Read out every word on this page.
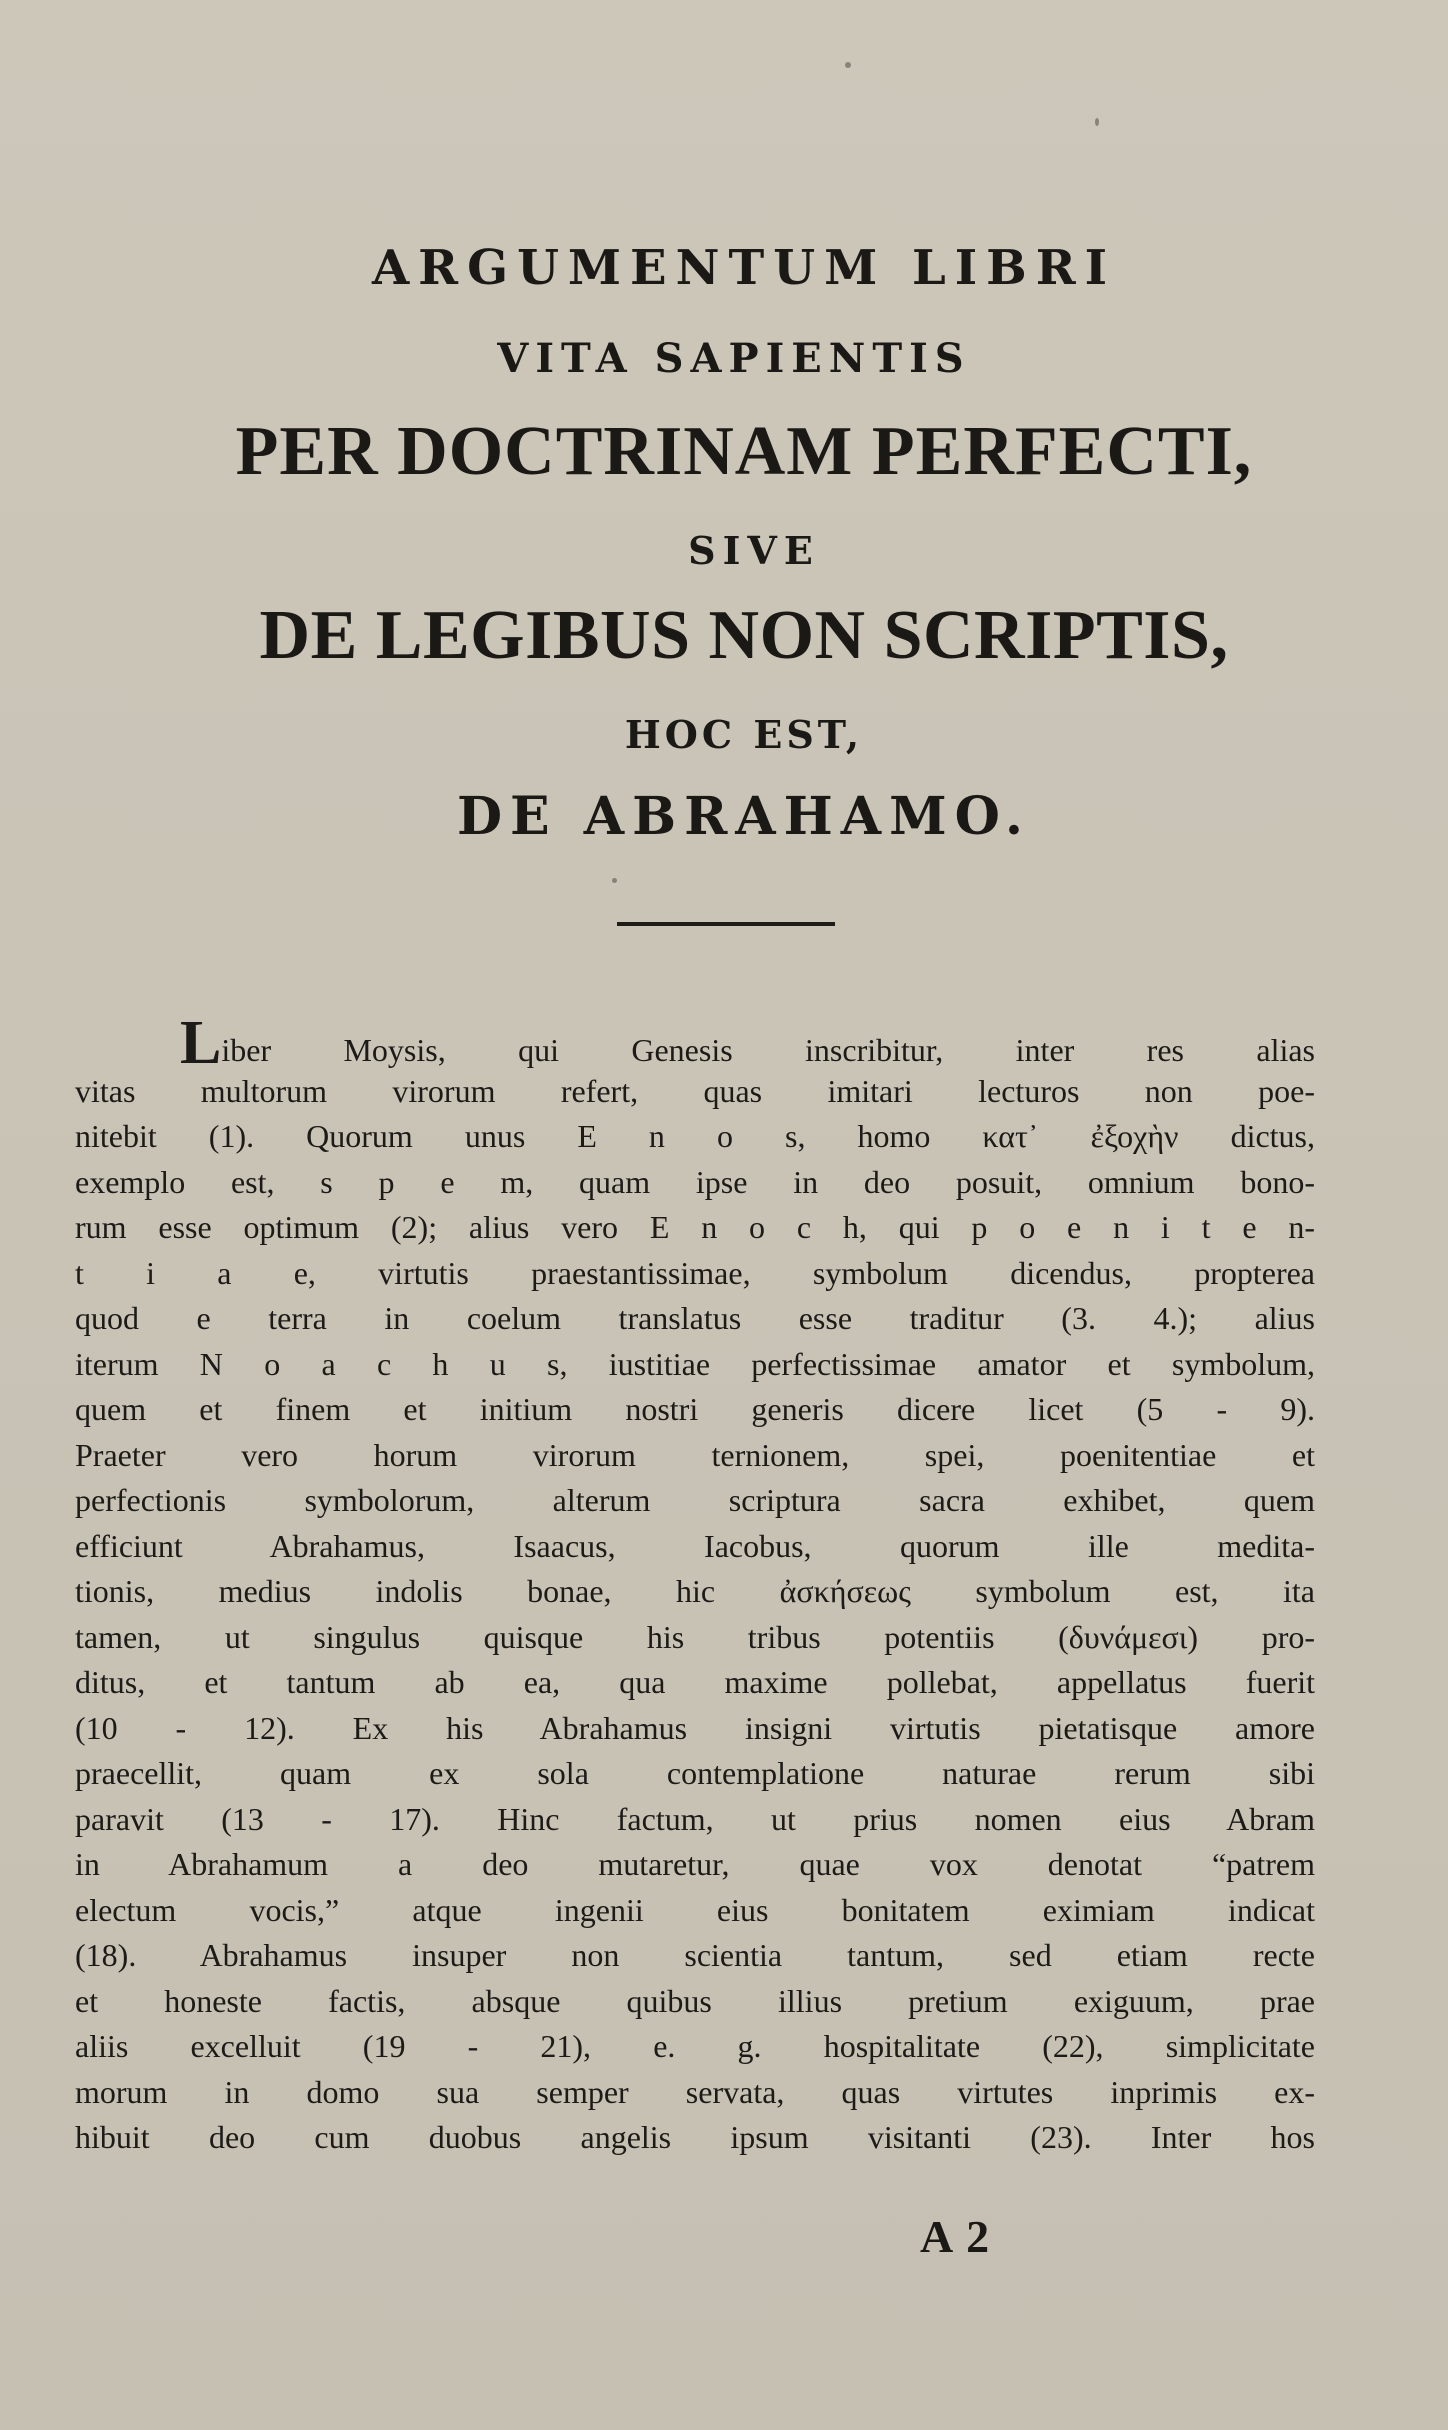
ARGUMENTUM LIBRI
VITA SAPIENTIS
PER DOCTRINAM PERFECTI,
SIVE
DE LEGIBUS NON SCRIPTIS,
HOC EST,
DE ABRAHAMO.
Liber Moysis, qui Genesis inscribitur, inter res alias
vitas multorum virorum refert, quas imitari lecturos non poe-
nitebit (1). Quorum unus E n o s, homo κατ᾽ ἐξοχὴν dictus,
exemplo est, s p e m, quam ipse in deo posuit, omnium bono-
rum esse optimum (2); alius vero E n o c h, qui p o e n i t e n-
t i a e, virtutis praestantissimae, symbolum dicendus, propterea
quod e terra in coelum translatus esse traditur (3. 4.); alius
iterum N o a c h u s, iustitiae perfectissimae amator et symbolum,
quem et finem et initium nostri generis dicere licet (5 - 9).
Praeter vero horum virorum ternionem, spei, poenitentiae et
perfectionis symbolorum, alterum scriptura sacra exhibet, quem
efficiunt Abrahamus, Isaacus, Iacobus, quorum ille medita-
tionis, medius indolis bonae, hic ἀσκήσεως symbolum est, ita
tamen, ut singulus quisque his tribus potentiis (δυνάμεσι) pro-
ditus, et tantum ab ea, qua maxime pollebat, appellatus fuerit
(10 - 12). Ex his Abrahamus insigni virtutis pietatisque amore
praecellit, quam ex sola contemplatione naturae rerum sibi
paravit (13 - 17). Hinc factum, ut prius nomen eius Abram
in Abrahamum a deo mutaretur, quae vox denotat “patrem
electum vocis,” atque ingenii eius bonitatem eximiam indicat
(18). Abrahamus insuper non scientia tantum, sed etiam recte
et honeste factis, absque quibus illius pretium exiguum, prae
aliis excelluit (19 - 21), e. g. hospitalitate (22), simplicitate
morum in domo sua semper servata, quas virtutes inprimis ex-
hibuit deo cum duobus angelis ipsum visitanti (23). Inter hos
A 2
